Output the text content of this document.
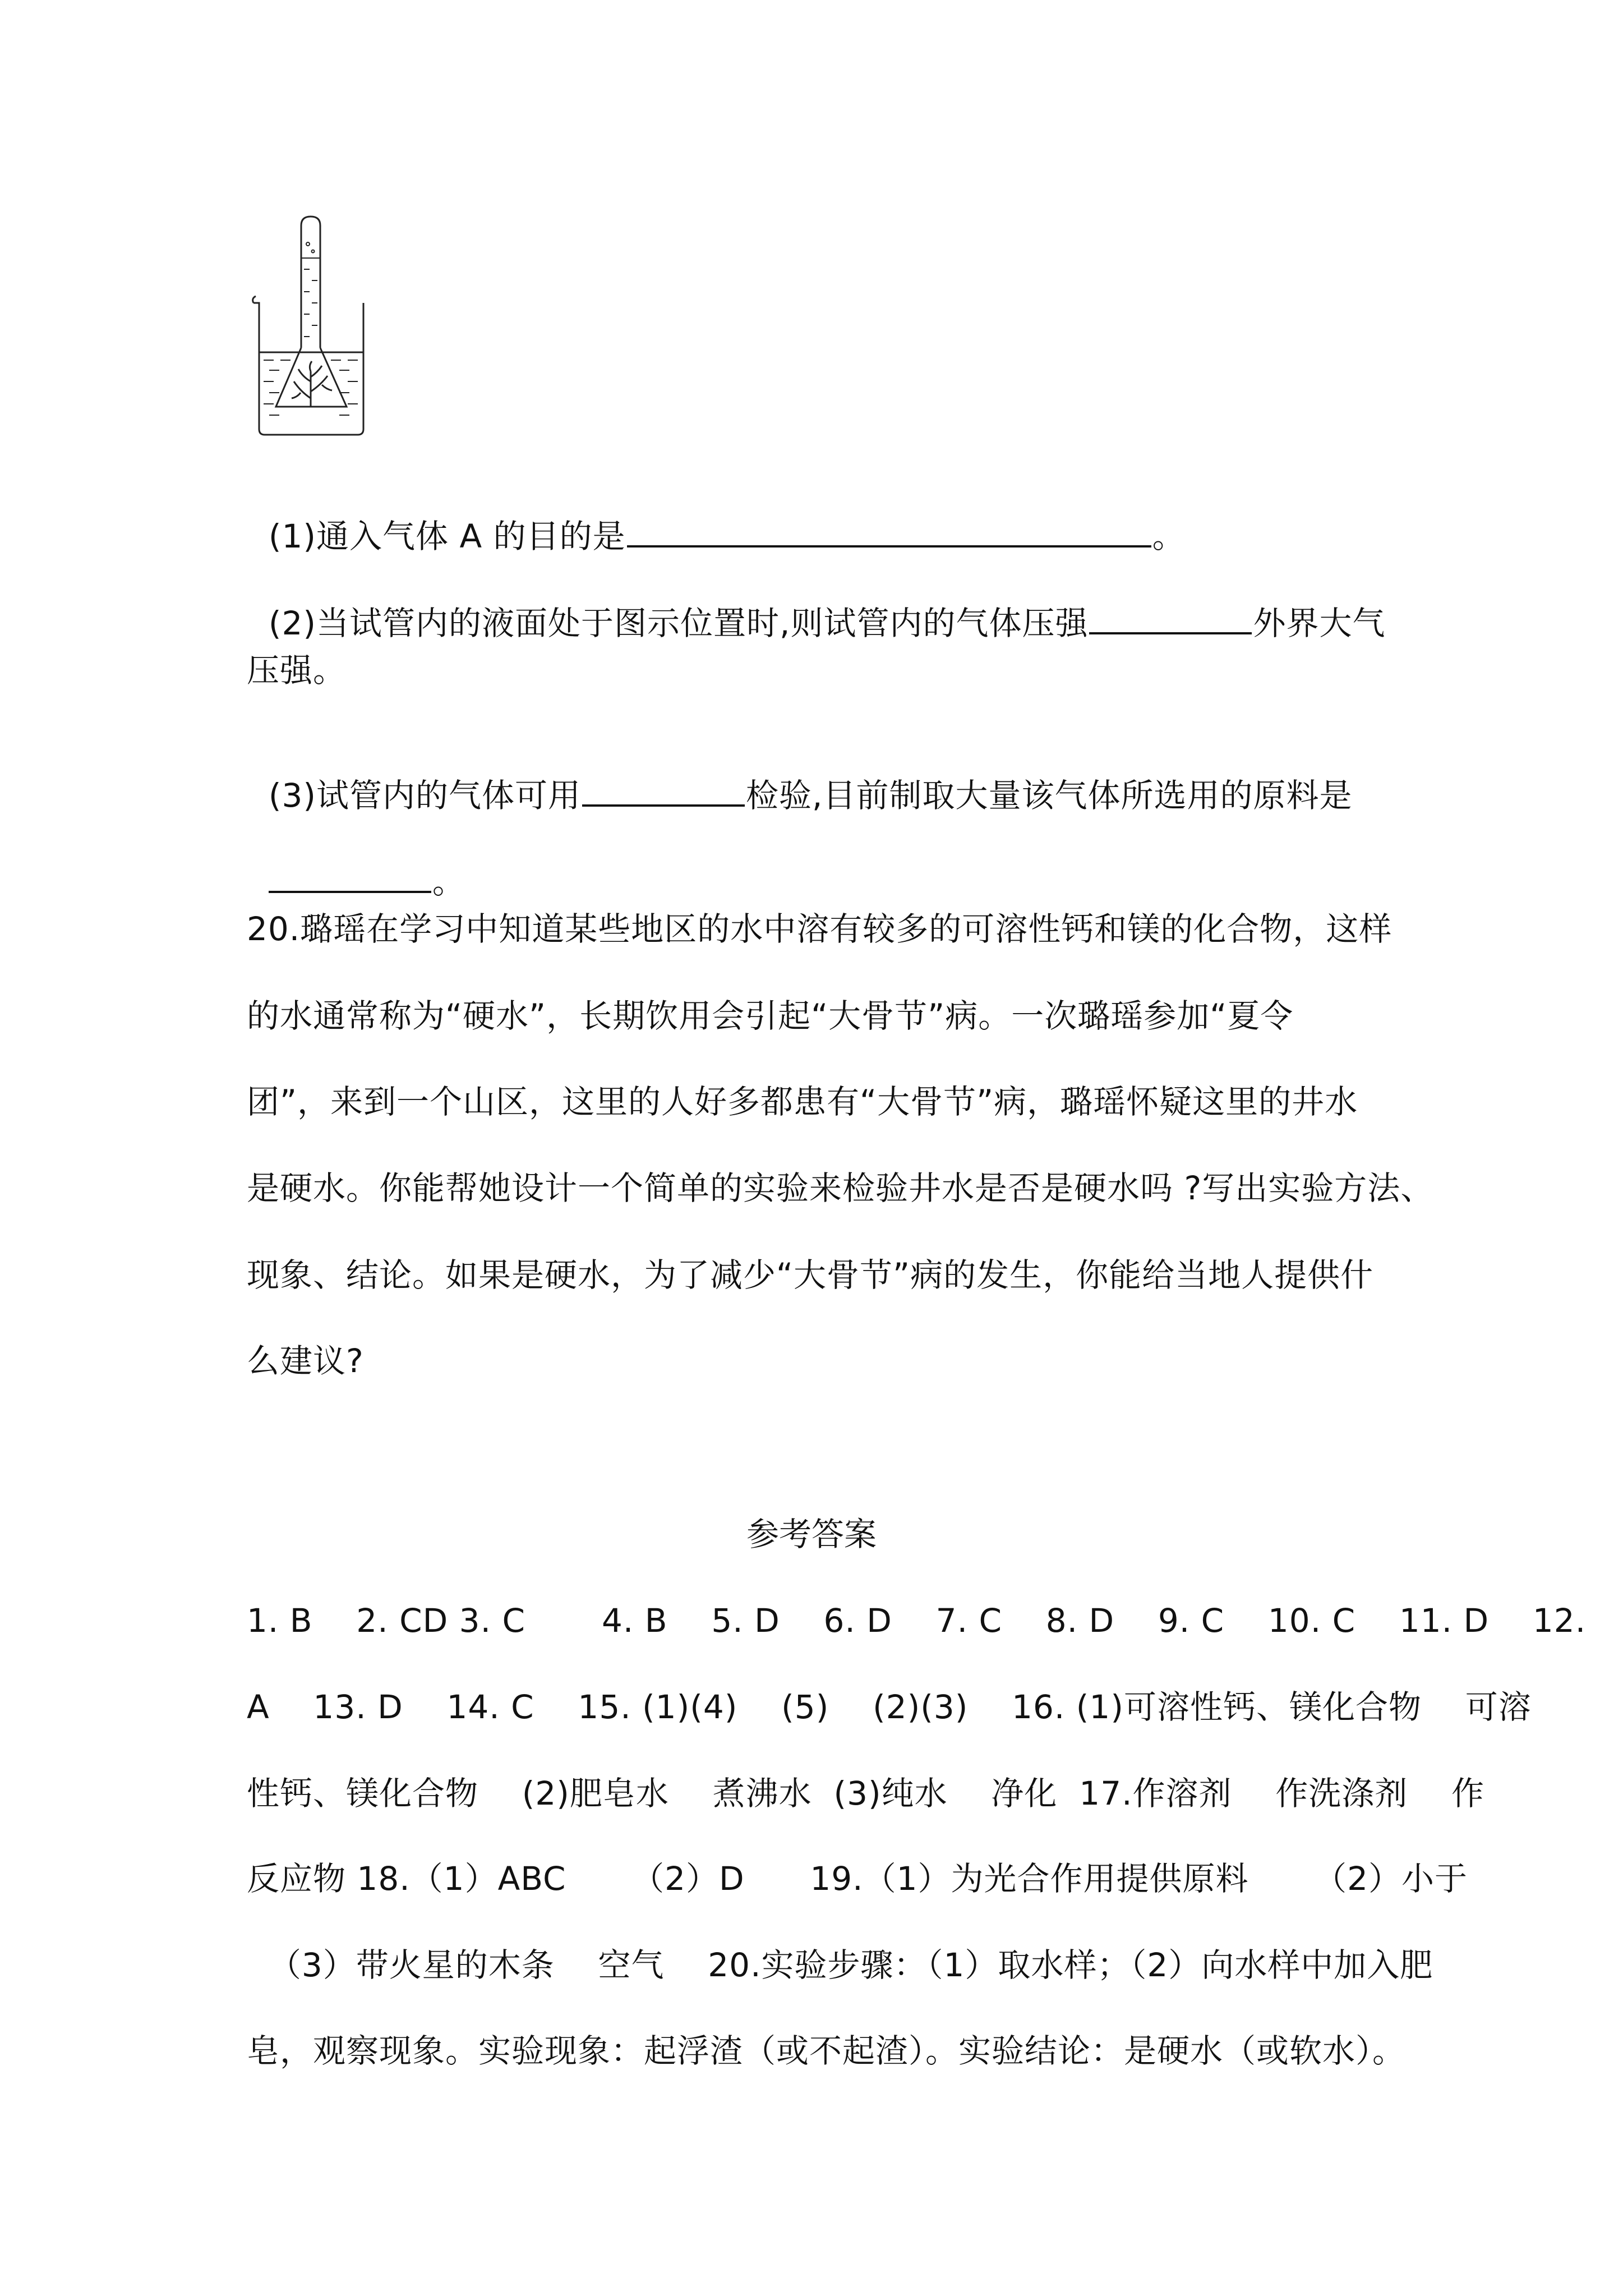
(1)通入气体 A 的目的是	。

(2)当试管内的液面处于图示位置时,则试管内的气体压强	外界大气

压强。

(3)试管内的气体可用	检验,目前制取大量该气体所选用的原料是

。

20.璐瑶在学习中知道某些地区的水中溶有较多的可溶性钙和镁的化合物，这样
的水通常称为“硬水”，长期饮用会引起“大骨节”病。一次璐瑶参加“夏令
团”，来到一个山区，这里的人好多都患有“大骨节”病，璐瑶怀疑这里的井水
是硬水。你能帮她设计一个简单的实验来检验井水是否是硬水吗 ?写出实验方法、
现象、结论。如果是硬水，为了减少“大骨节”病的发生，你能给当地人提供什
么建议?
参考答案
1. B    2. CD 3. C       4. B    5. D    6. D    7. C    8. D    9. C    10. C    11. D    12.
A    13. D    14. C    15. (1)(4)    (5)    (2)(3)    16. (1)可溶性钙、镁化合物    可溶
性钙、镁化合物    (2)肥皂水    煮沸水  (3)纯水    净化  17.作溶剂    作洗涤剂    作
反应物 18.（1）ABC      （2）D      19.（1）为光合作用提供原料      （2）小于
（3）带火星的木条    空气    20.实验步骤：（1）取水样；（2）向水样中加入肥
皂，观察现象。实验现象：起浮渣（或不起渣）。实验结论：是硬水（或软水）。
